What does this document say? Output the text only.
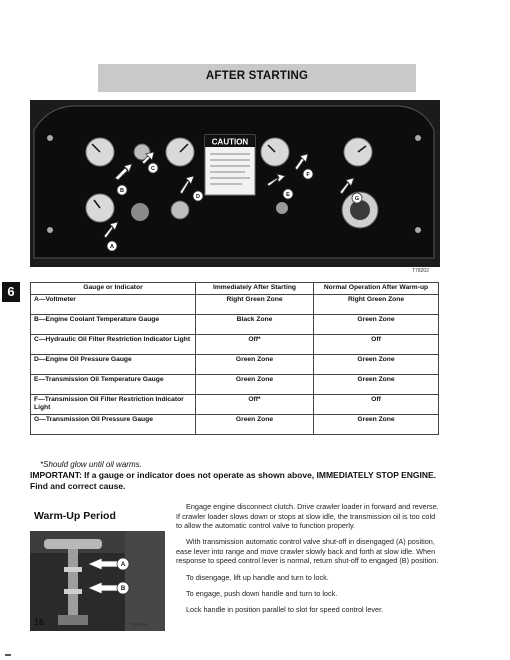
AFTER STARTING
CAUTION
B
C
D
F
E
G
A
T78202
6	Gauge or Indicator	Immediately After Starting	Normal Operation After Warm-up
A—Voltmeter	Right Green Zone	Right Green Zone
B—Engine Coolant Temperature Gauge	Black Zone	Green Zone
C—Hydraulic Oil Filter Restriction Indicator Light	Off*	Off
D—Engine Oil Pressure Gauge	Green Zone	Green Zone
E—Transmission Oil Temperature Gauge	Green Zone	Green Zone
F—Transmission Oil Filter Restriction Indicator Light	Off*	Off
G—Transmission Oil Pressure Gauge	Green Zone	Green Zone
*Should glow until oil warms.
IMPORTANT: If a gauge or indicator does not operate as shown above, IMMEDIATELY STOP ENGINE. Find and correct cause.
Warm-Up Period
A
B
T58973H

Engage engine disconnect clutch. Drive crawler loader in forward and reverse. If crawler loader slows down or stops at slow idle, the transmission oil is too cold to allow the automatic control valve to function properly.

With transmission automatic control valve shut-off in disengaged (A) position, ease lever into range and move crawler slowly back and forth at slow idle. When response to speed control lever is normal, return shut-off to engaged (B) position.

To disengage, lift up handle and turn to lock.

To engage, push down handle and turn to lock.

Lock handle in position parallel to slot for speed control lever.

16
